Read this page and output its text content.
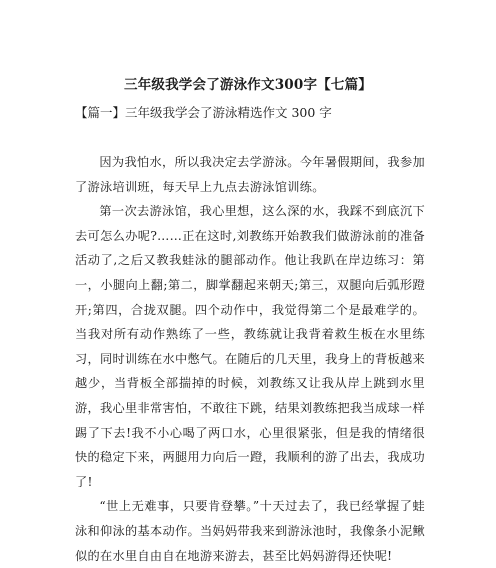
三年级我学会了游泳作文300字【七篇】
【篇一】三年级我学会了游泳精选作文 300 字

因为我怕水，所以我决定去学游泳。今年暑假期间，我参加了游泳培训班，每天早上九点去游泳馆训练。

第一次去游泳馆，我心里想，这么深的水，我踩不到底沉下去可怎么办呢?……正在这时,刘教练开始教我们做游泳前的准备活动了,之后又教我蛙泳的腿部动作。他让我趴在岸边练习：第一，小腿向上翻;第二，脚掌翻起来朝天;第三，双腿向后弧形蹬开;第四，合拢双腿。四个动作中，我觉得第二个是最难学的。当我对所有动作熟练了一些，教练就让我背着救生板在水里练习，同时训练在水中憋气。在随后的几天里，我身上的背板越来越少，当背板全部揣掉的时候，刘教练又让我从岸上跳到水里游，我心里非常害怕，不敢往下跳，结果刘教练把我当成球一样踢了下去!我不小心喝了两口水，心里很紧张，但是我的情绪很快的稳定下来，两腿用力向后一蹬，我顺利的游了出去，我成功了!

“世上无难事，只要肯登攀。”十天过去了，我已经掌握了蛙泳和仰泳的基本动作。当妈妈带我来到游泳池时，我像条小泥鳅似的在水里自由自在地游来游去，甚至比妈妈游得还快呢!
